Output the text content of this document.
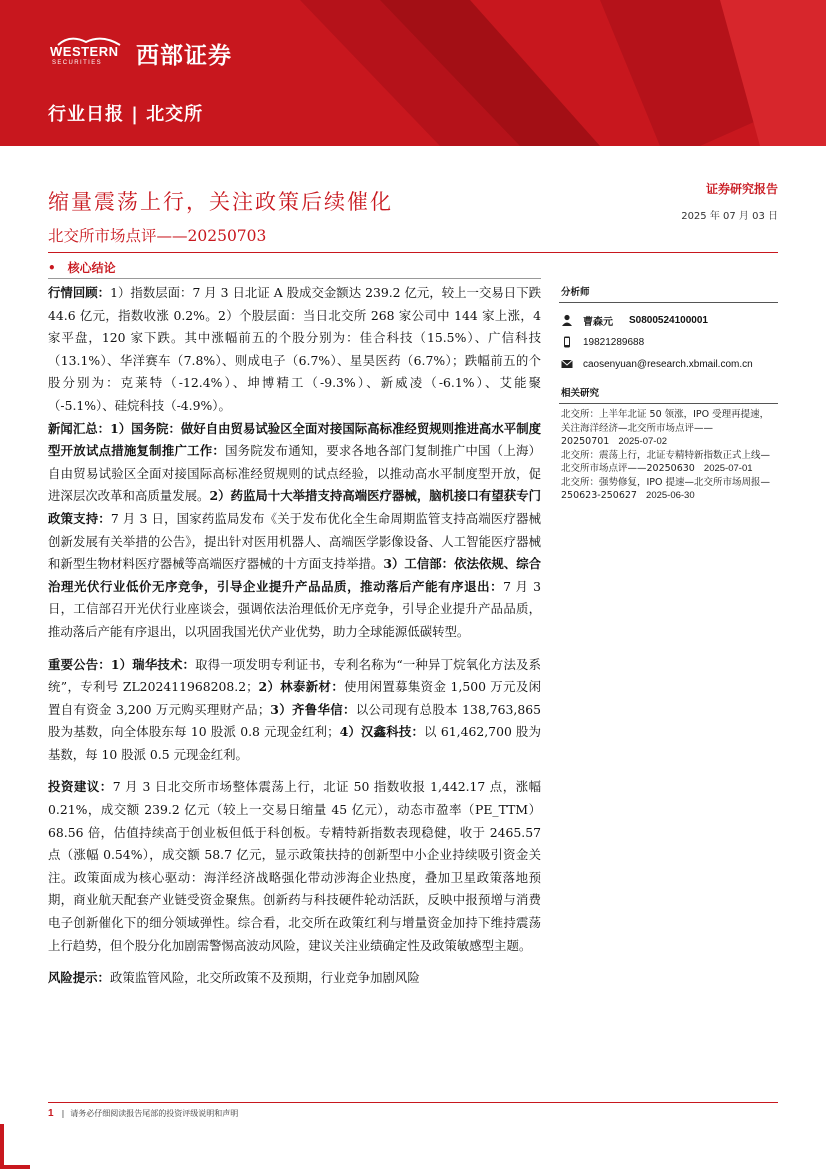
WESTERN
SECURITIES 西部证券
行业日报 | 北交所
缩量震荡上行，关注政策后续催化
北交所市场点评——20250703
证券研究报告
2025 年 07 月 03 日
• 核心结论

行情回顾：1）指数层面：7 月 3 日北证 A 股成交金额达 239.2 亿元，较上一交易日下跌 44.6 亿元，指数收涨 0.2%。2）个股层面：当日北交所 268 家公司中 144 家上涨，4 家平盘，120 家下跌。其中涨幅前五的个股分别为：佳合科技（15.5%）、广信科技（13.1%）、华洋赛车（7.8%）、则成电子（6.7%）、星昊医药（6.7%）；跌幅前五的个股分别为：克莱特（-12.4%）、坤博精工（-9.3%）、新威凌（-6.1%）、艾能聚（-5.1%）、硅烷科技（-4.9%）。

新闻汇总：1）国务院：做好自由贸易试验区全面对接国际高标准经贸规则推进高水平制度型开放试点措施复制推广工作：国务院发布通知，要求各地各部门复制推广中国（上海）自由贸易试验区全面对接国际高标准经贸规则的试点经验，以推动高水平制度型开放，促进深层次改革和高质量发展。2）药监局十大举措支持高端医疗器械，脑机接口有望获专门政策支持：7 月 3 日，国家药监局发布《关于发布优化全生命周期监管支持高端医疗器械创新发展有关举措的公告》，提出针对医用机器人、高端医学影像设备、人工智能医疗器械和新型生物材料医疗器械等高端医疗器械的十方面支持举措。3）工信部：依法依规、综合治理光伏行业低价无序竞争，引导企业提升产品品质，推动落后产能有序退出：7 月 3 日，工信部召开光伏行业座谈会，强调依法治理低价无序竞争，引导企业提升产品品质，推动落后产能有序退出，以巩固我国光伏产业优势，助力全球能源低碳转型。

重要公告：1）瑞华技术：取得一项发明专利证书，专利名称为“一种异丁烷氧化方法及系统”，专利号 ZL202411968208.2；2）林泰新材：使用闲置募集资金 1,500 万元及闲置自有资金 3,200 万元购买理财产品；3）齐鲁华信：以公司现有总股本 138,763,865 股为基数，向全体股东每 10 股派 0.8 元现金红利；4）汉鑫科技：以 61,462,700 股为基数，每 10 股派 0.5 元现金红利。

投资建议：7 月 3 日北交所市场整体震荡上行，北证 50 指数收报 1,442.17 点，涨幅 0.21%，成交额 239.2 亿元（较上一交易日缩量 45 亿元），动态市盈率（PE_TTM）68.56 倍，估值持续高于创业板但低于科创板。专精特新指数表现稳健，收于 2465.57 点（涨幅 0.54%），成交额 58.7 亿元，显示政策扶持的创新型中小企业持续吸引资金关注。政策面成为核心驱动：海洋经济战略强化带动涉海企业热度，叠加卫星政策落地预期，商业航天配套产业链受资金聚焦。创新药与科技硬件轮动活跃，反映中报预增与消费电子创新催化下的细分领域弹性。综合看，北交所在政策红利与增量资金加持下维持震荡上行趋势，但个股分化加剧需警惕高波动风险，建议关注业绩确定性及政策敏感型主题。

风险提示：政策监管风险，北交所政策不及预期，行业竞争加剧风险

分析师
曹森元 S0800524100001
19821289688
caosenyuan@research.xbmail.com.cn
相关研究
北交所：上半年北证 50 领涨，IPO 受理再提速，关注海洋经济—北交所市场点评——20250701 2025-07-02
北交所：震荡上行，北证专精特新指数正式上线—北交所市场点评——20250630 2025-07-01
北交所：强势修复，IPO 提速—北交所市场周报—250623-250627 2025-06-30
1 | 请务必仔细阅读报告尾部的投资评级说明和声明
